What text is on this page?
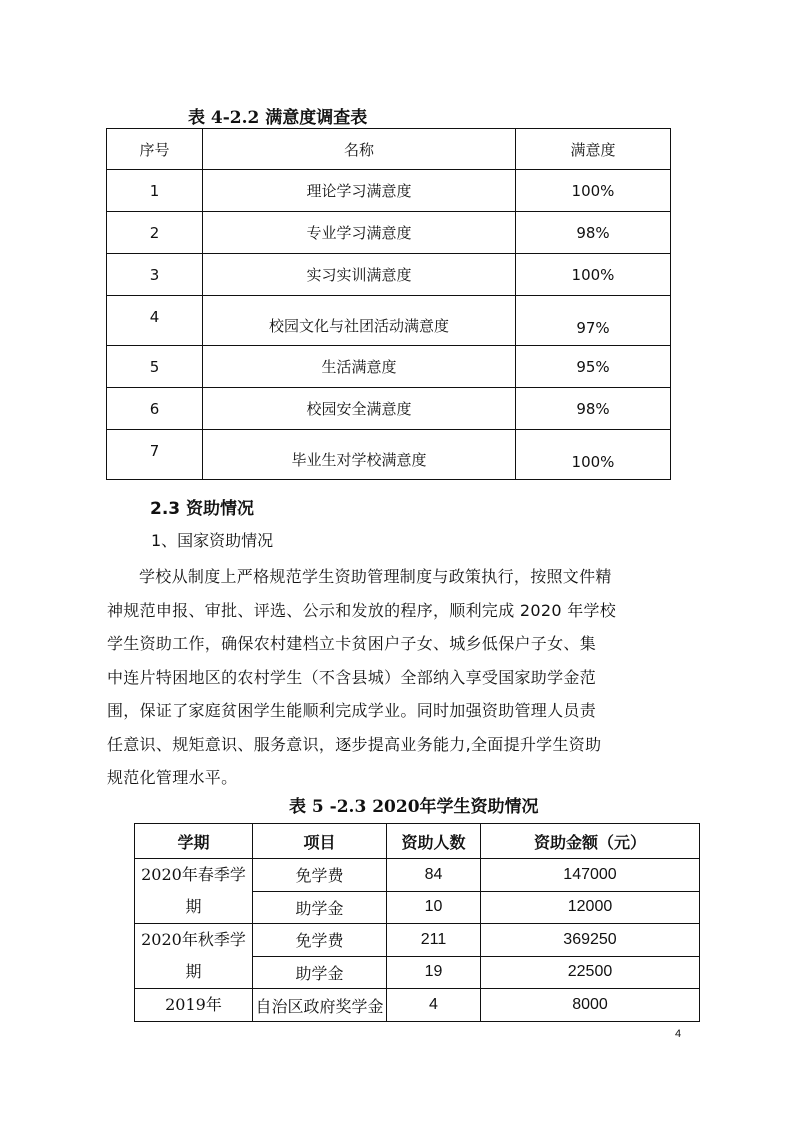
表 4-2.2 满意度调查表
序号	名称	满意度
1	理论学习满意度	100%
2	专业学习满意度	98%
3	实习实训满意度	100%
4	校园文化与社团活动满意度	97%
5	生活满意度	95%
6	校园安全满意度	98%
7	毕业生对学校满意度	100%
2.3 资助情况
1、国家资助情况
学校从制度上严格规范学生资助管理制度与政策执行，按照文件精
神规范申报、审批、评选、公示和发放的程序，顺利完成 2020 年学校
学生资助工作，确保农村建档立卡贫困户子女、城乡低保户子女、集
中连片特困地区的农村学生（不含县城）全部纳入享受国家助学金范
围，保证了家庭贫困学生能顺利完成学业。同时加强资助管理人员责
任意识、规矩意识、服务意识，逐步提高业务能力,全面提升学生资助
规范化管理水平。
表 5 -2.3 2020年学生资助情况
学期	项目	资助人数	资助金额（元）
2020年春季学期	免学费	84	147000
	助学金	10	12000
2020年秋季学期	免学费	211	369250
	助学金	19	22500
2019年	自治区政府奖学金	4	8000
4
